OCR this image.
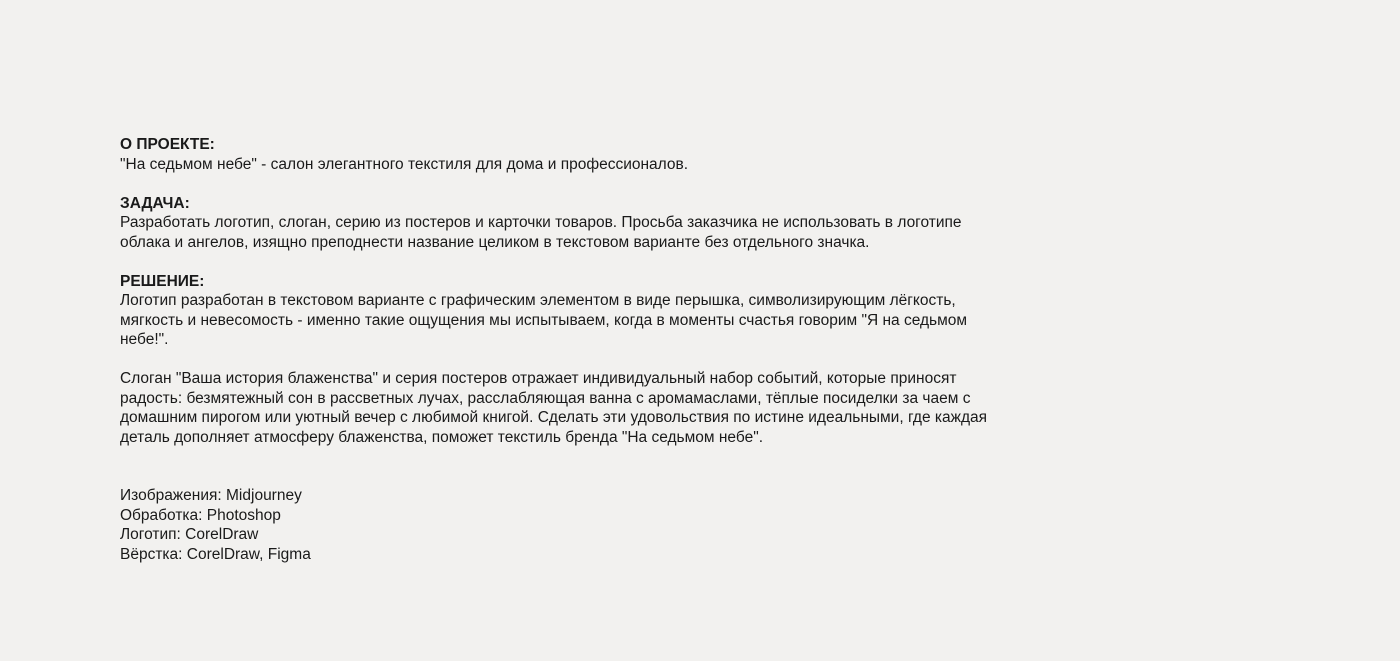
О ПРОЕКТЕ:
"На седьмом небе" - салон элегантного текстиля для дома и профессионалов.
ЗАДАЧА:
Разработать логотип, слоган, серию из постеров и карточки товаров. Просьба заказчика не использовать в логотипе
облака и ангелов, изящно преподнести название целиком в текстовом варианте без отдельного значка.
РЕШЕНИЕ:
Логотип разработан в текстовом варианте с графическим элементом в виде перышка, символизирующим лёгкость,
мягкость и невесомость - именно такие ощущения мы испытываем, когда в моменты счастья говорим "Я на седьмом
небе!".
Слоган "Ваша история блаженства" и серия постеров отражает индивидуальный набор событий, которые приносят
радость: безмятежный сон в рассветных лучах, расслабляющая ванна с аромамаслами, тёплые посиделки за чаем с
домашним пирогом или уютный вечер с любимой книгой. Сделать эти удовольствия по истине идеальными, где каждая
деталь дополняет атмосферу блаженства, поможет текстиль бренда "На седьмом небе".
Изображения: Midjourney
Обработка: Photoshop
Логотип: CorelDraw
Вёрстка: CorelDraw, Figma
